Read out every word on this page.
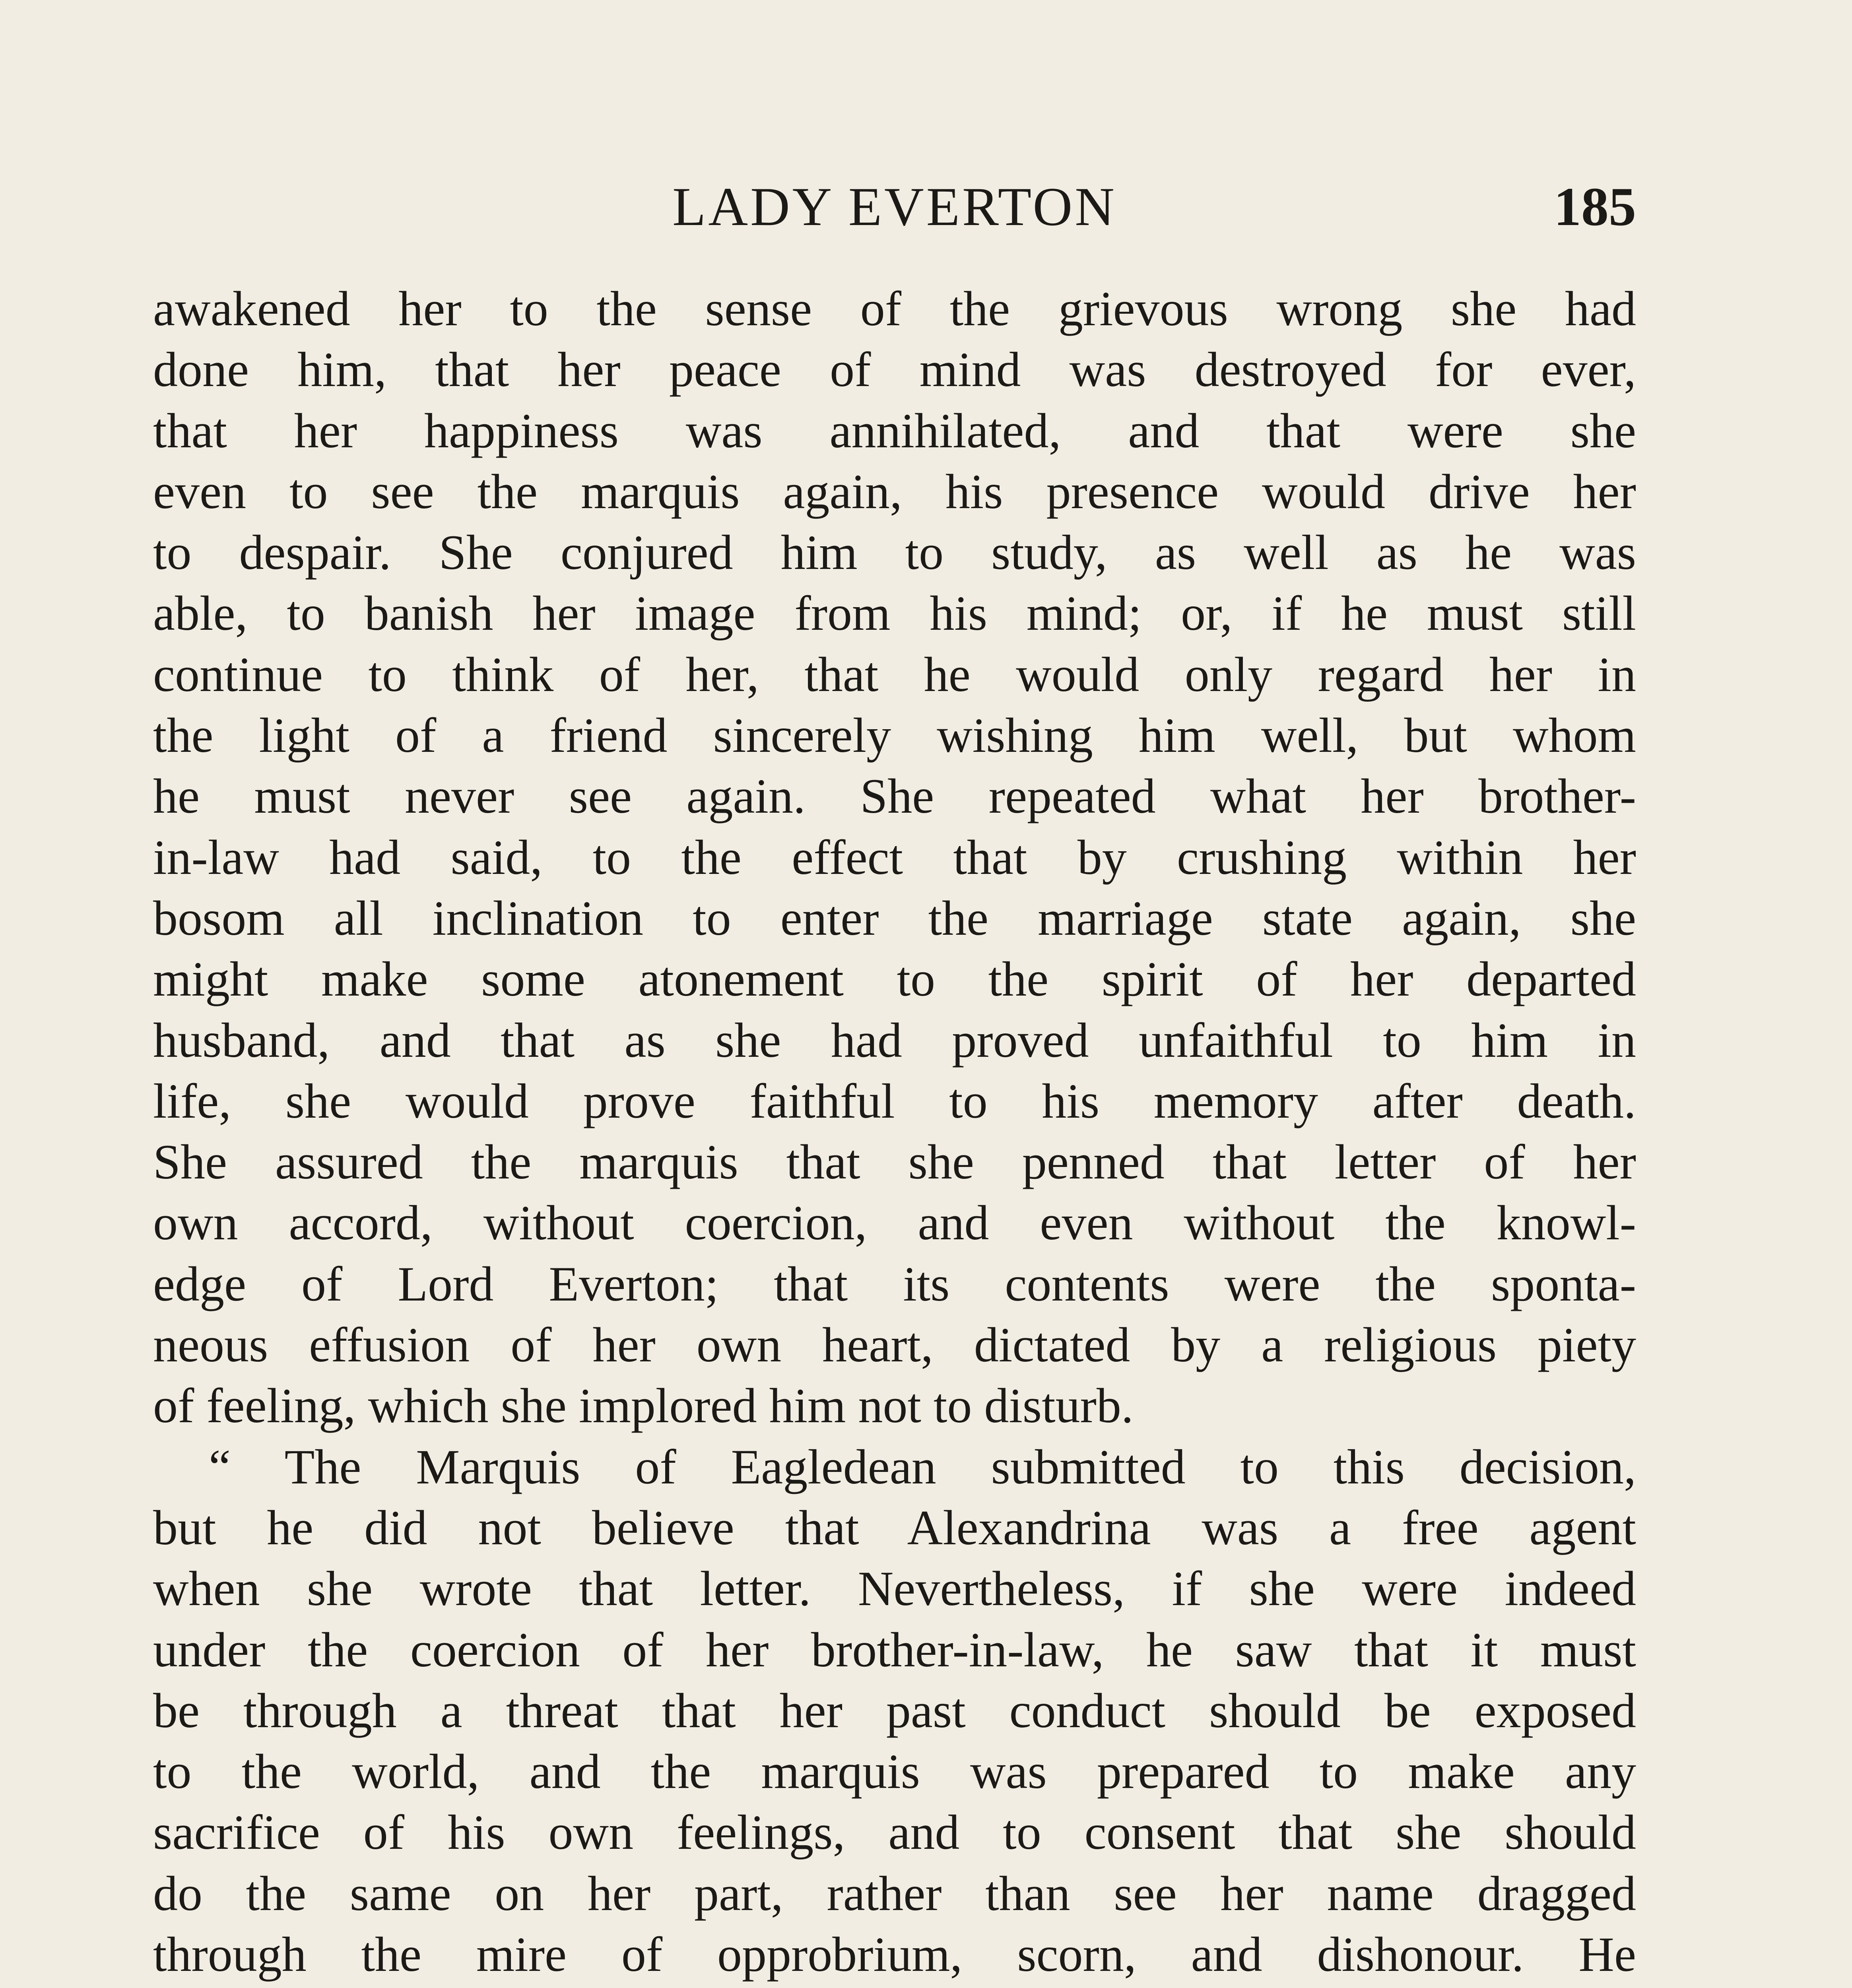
LADY EVERTON	185
awakened her to the sense of the grievous wrong she had
done him, that her peace of mind was destroyed for ever,
that her happiness was annihilated, and that were she
even to see the marquis again, his presence would drive her
to despair. She conjured him to study, as well as he was
able, to banish her image from his mind; or, if he must still
continue to think of her, that he would only regard her in
the light of a friend sincerely wishing him well, but whom
he must never see again. She repeated what her brother-
in-law had said, to the effect that by crushing within her
bosom all inclination to enter the marriage state again, she
might make some atonement to the spirit of her departed
husband, and that as she had proved unfaithful to him in
life, she would prove faithful to his memory after death.
She assured the marquis that she penned that letter of her
own accord, without coercion, and even without the knowl-
edge of Lord Everton; that its contents were the sponta-
neous effusion of her own heart, dictated by a religious piety
of feeling, which she implored him not to disturb.
“ The Marquis of Eagledean submitted to this decision,
but he did not believe that Alexandrina was a free agent
when she wrote that letter. Nevertheless, if she were indeed
under the coercion of her brother-in-law, he saw that it must
be through a threat that her past conduct should be exposed
to the world, and the marquis was prepared to make any
sacrifice of his own feelings, and to consent that she should
do the same on her part, rather than see her name dragged
through the mire of opprobrium, scorn, and dishonour. He
